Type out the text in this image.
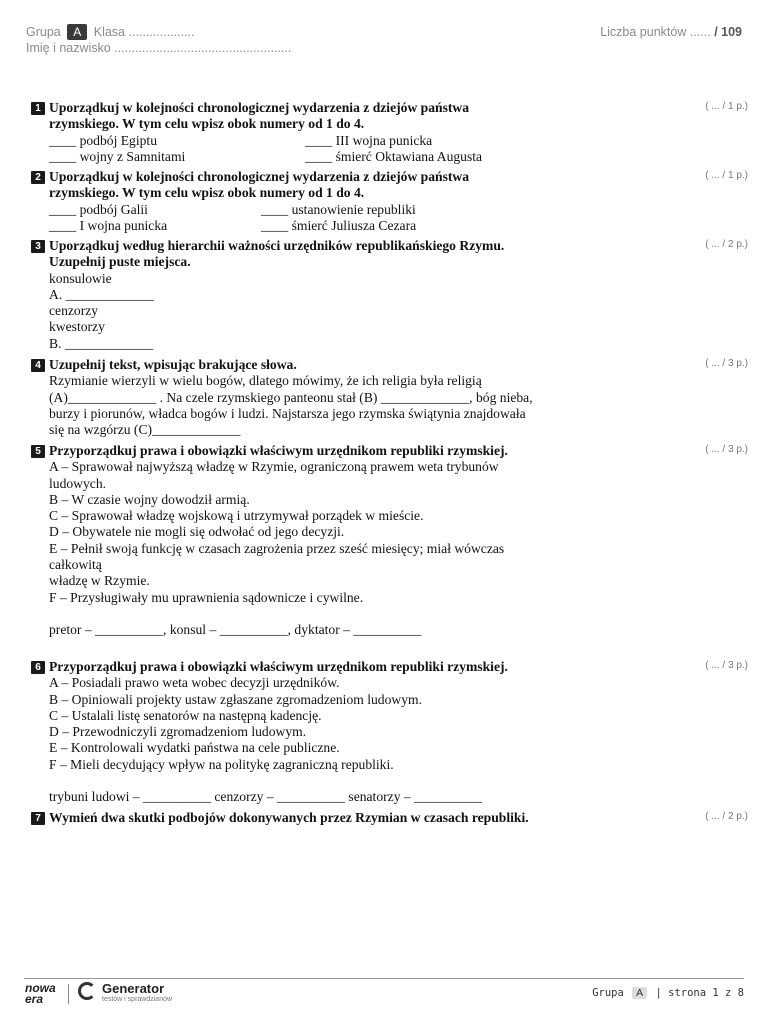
Grupa A Klasa ...................
Imię i nazwisko ...................................................
Liczba punktów ...... / 109
1 Uporządkuj w kolejności chronologicznej wydarzenia z dziejów państwa
rzymskiego. W tym celu wpisz obok numery od 1 do 4.
____ podbój Egiptu	____ III wojna punicka
____ wojny z Samnitami	____ śmierć Oktawiana Augusta
( ... / 1 p.)
2 Uporządkuj w kolejności chronologicznej wydarzenia z dziejów państwa
rzymskiego. W tym celu wpisz obok numery od 1 do 4.
____ podbój Galii	____ ustanowienie republiki
____ I wojna punicka	____ śmierć Juliusza Cezara
( ... / 1 p.)
3 Uporządkuj według hierarchii ważności urzędników republikańskiego Rzymu.
Uzupełnij puste miejsca.
konsulowie
A. _____________
cenzorzy
kwestorzy
B. _____________
( ... / 2 p.)
4 Uzupełnij tekst, wpisując brakujące słowa.
Rzymianie wierzyli w wielu bogów, dlatego mówimy, że ich religia była religią
(A)_____________ . Na czele rzymskiego panteonu stał (B) _____________, bóg nieba,
burzy i piorunów, władca bogów i ludzi. Najstarsza jego rzymska świątynia znajdowała
się na wzgórzu (C)_____________
( ... / 3 p.)
5 Przyporządkuj prawa i obowiązki właściwym urzędnikom republiki rzymskiej.
A – Sprawował najwyższą władzę w Rzymie, ograniczoną prawem weta trybunów
ludowych.
B – W czasie wojny dowodził armią.
C – Sprawował władzę wojskową i utrzymywał porządek w mieście.
D – Obywatele nie mogli się odwołać od jego decyzji.
E – Pełnił swoją funkcję w czasach zagrożenia przez sześć miesięcy; miał wówczas
całkowitą
władzę w Rzymie.
F – Przysługiwały mu uprawnienia sądownicze i cywilne.
pretor – __________, konsul – __________, dyktator – __________
( ... / 3 p.)
6 Przyporządkuj prawa i obowiązki właściwym urzędnikom republiki rzymskiej.
A – Posiadali prawo weta wobec decyzji urzędników.
B – Opiniowali projekty ustaw zgłaszane zgromadzeniom ludowym.
C – Ustalali listę senatorów na następną kadencję.
D – Przewodniczyli zgromadzeniom ludowym.
E – Kontrolowali wydatki państwa na cele publiczne.
F – Mieli decydujący wpływ na politykę zagraniczną republiki.
trybuni ludowi – __________ cenzorzy – __________ senatorzy – __________
( ... / 3 p.)
7 Wymień dwa skutki podbojów dokonywanych przez Rzymian w czasach republiki.	( ... / 2 p.)
nowa
era
Generator
testów i sprawdzianów
Grupa A | strona 1 z 8
